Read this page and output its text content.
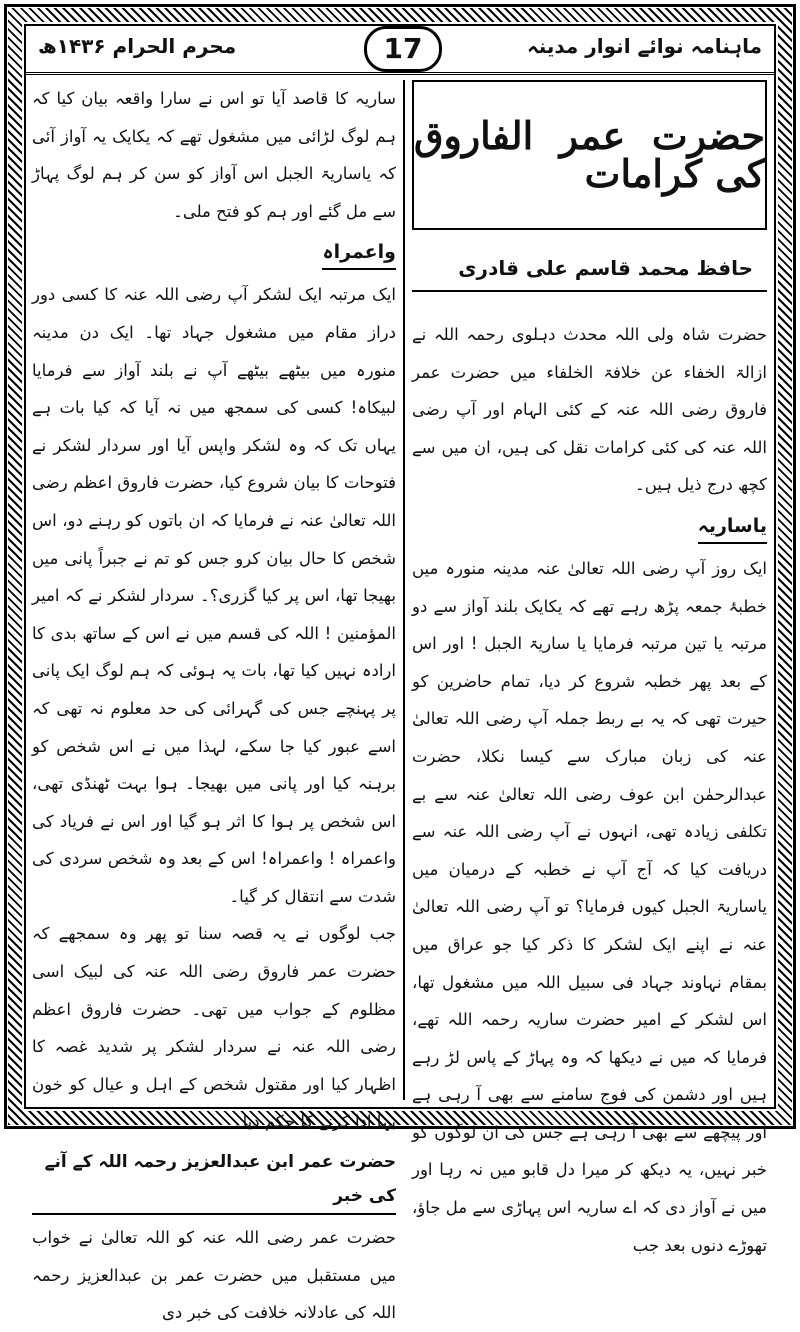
ماہنامہ نوائے انوار مدینہ
17
محرم الحرام ۱۴۳۶ھ
حضرت عمر الفاروق کی کرامات
حافظ محمد قاسم علی قادری

حضرت شاہ ولی اللہ محدث دہلوی رحمہ اللہ نے ازالۃ الخفاء عن خلافۃ الخلفاء میں حضرت عمر فاروق رضی اللہ عنہ کے کئی الہام اور آپ رضی اللہ عنہ کی کئی کرامات نقل کی ہیں، ان میں سے کچھ درج ذیل ہیں۔

یاساریہ

ایک روز آپ رضی اللہ تعالیٰ عنہ مدینہ منورہ میں خطبۂ جمعہ پڑھ رہے تھے کہ یکایک بلند آواز سے دو مرتبہ یا تین مرتبہ فرمایا یا ساریۃ الجبل ! اور اس کے بعد پھر خطبہ شروع کر دیا، تمام حاضرین کو حیرت تھی کہ یہ بے ربط جملہ آپ رضی اللہ تعالیٰ عنہ کی زبان مبارک سے کیسا نکلا، حضرت عبدالرحمٰن ابن عوف رضی اللہ تعالیٰ عنہ سے بے تکلفی زیادہ تھی، انہوں نے آپ رضی اللہ عنہ سے دریافت کیا کہ آج آپ نے خطبہ کے درمیان میں یاساریۃ الجبل کیوں فرمایا؟ تو آپ رضی اللہ تعالیٰ عنہ نے اپنے ایک لشکر کا ذکر کیا جو عراق میں بمقام نہاوند جہاد فی سبیل اللہ میں مشغول تھا، اس لشکر کے امیر حضرت ساریہ رحمہ اللہ تھے، فرمایا کہ میں نے دیکھا کہ وہ پہاڑ کے پاس لڑ رہے ہیں اور دشمن کی فوج سامنے سے بھی آ رہی ہے اور پیچھے سے بھی آ رہی ہے جس کی ان لوگوں کو خبر نہیں، یہ دیکھ کر میرا دل قابو میں نہ رہا اور میں نے آواز دی کہ اے ساریہ اس پہاڑی سے مل جاؤ، تھوڑے دنوں بعد جب

ساریہ کا قاصد آیا تو اس نے سارا واقعہ بیان کیا کہ ہم لوگ لڑائی میں مشغول تھے کہ یکایک یہ آواز آئی کہ یاساریۃ الجبل اس آواز کو سن کر ہم لوگ پہاڑ سے مل گئے اور ہم کو فتح ملی۔

واعمراہ

ایک مرتبہ ایک لشکر آپ رضی اللہ عنہ کا کسی دور دراز مقام میں مشغول جہاد تھا۔ ایک دن مدینہ منورہ میں بیٹھے بیٹھے آپ نے بلند آواز سے فرمایا لبیکاہ! کسی کی سمجھ میں نہ آیا کہ کیا بات ہے یہاں تک کہ وہ لشکر واپس آیا اور سردار لشکر نے فتوحات کا بیان شروع کیا، حضرت فاروق اعظم رضی اللہ تعالیٰ عنہ نے فرمایا کہ ان باتوں کو رہنے دو، اس شخص کا حال بیان کرو جس کو تم نے جبراً پانی میں بھیجا تھا، اس پر کیا گزری؟۔ سردار لشکر نے کہ امیر المؤمنین ! اللہ کی قسم میں نے اس کے ساتھ بدی کا ارادہ نہیں کیا تھا، بات یہ ہوئی کہ ہم لوگ ایک پانی پر پہنچے جس کی گہرائی کی حد معلوم نہ تھی کہ اسے عبور کیا جا سکے، لہذا میں نے اس شخص کو برہنہ کیا اور پانی میں بھیجا۔ ہوا بہت ٹھنڈی تھی، اس شخص پر ہوا کا اثر ہو گیا اور اس نے فریاد کی واعمراہ ! واعمراہ! اس کے بعد وہ شخص سردی کی شدت سے انتقال کر گیا۔

جب لوگوں نے یہ قصہ سنا تو پھر وہ سمجھے کہ حضرت عمر فاروق رضی اللہ عنہ کی لبیک اسی مظلوم کے جواب میں تھی۔ حضرت فاروق اعظم رضی اللہ عنہ نے سردار لشکر پر شدید غصہ کا اظہار کیا اور مقتول شخص کے اہل و عیال کو خون بہا ادا کرنے کا حکم دیا۔

حضرت عمر ابن عبدالعزیز رحمہ اللہ کے آنے کی خبر

حضرت عمر رضی اللہ عنہ کو اللہ تعالیٰ نے خواب میں مستقبل میں حضرت عمر بن عبدالعزیز رحمہ اللہ کی عادلانہ خلافت کی خبر دی
